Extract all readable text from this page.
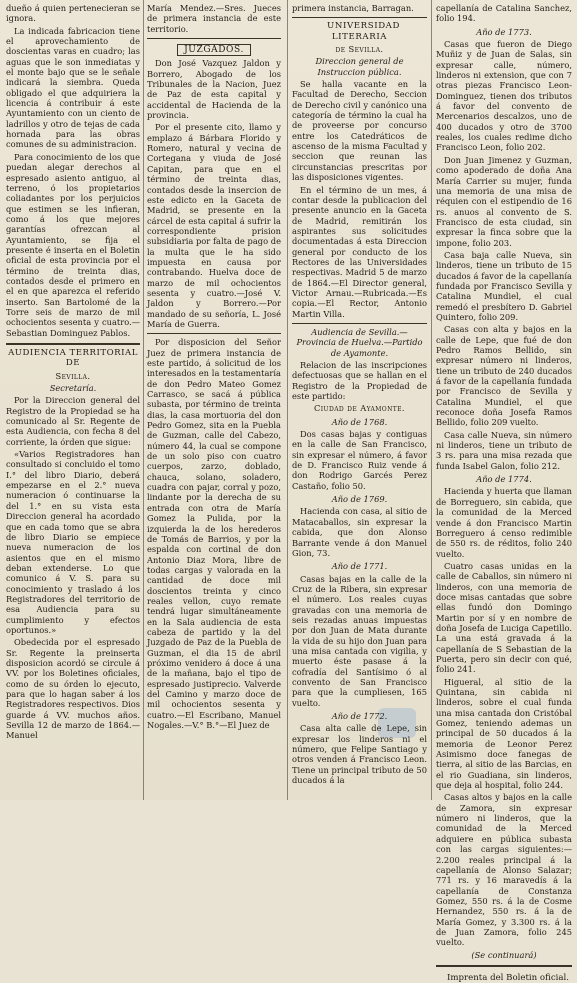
dueño á quien pertenecieran se ignora.

La indicada fabricacion tiene el aprovechamiento de doscientas varas en cuadro; las aguas que le son inmediatas y el monte bajo que se le señale indicará la siembra. Queda obligado el que adquiriera la licencia á contribuir á este Ayuntamiento con un ciento de ladrillos y otro de tejas de cada hornada para las obras comunes de su administracion.

Para conocimiento de los que puedan alegar derechos al espresado asiento antiguo, al terreno, ó los propietarios coliadantes por los perjuicios que estimen se les infieran, como á los que mejores garantías ofrezcan al Ayuntamiento, se fija el presente é inserta en el Boletin oficial de esta provincia por el término de treinta dias, contados desde el primero en el en que aparezca el referido inserto. San Bartolomé de la Torre seis de marzo de mil ochocientos sesenta y cuatro.—Sebastian Dominguez Pablos.

AUDIENCIA TERRITORIAL DE

Sevilla.

Secretaría.

Por la Direccion general del Registro de la Propiedad se ha comunicado al Sr. Regente de esta Audiencia, con fecha 8 del corriente, la órden que sigue:

«Varios Registradores han consultado si concluido el tomo I.° del libro Diario, deberá empezarse en el 2.° nueva numeracion ó continuarse la del 1.° en su vista esta Direccion general ha acordado que en cada tomo que se abra de libro Diario se empiece nueva numeracion de los asientos que en el mismo deban extenderse. Lo que comunico á V. S. para su conocimiento y traslado á los Registradores del territorio de esa Audiencia para su cumplimiento y efectos oportunos.»

Obedecida por el espresado Sr. Regente la preinserta disposicion acordó se circule á VV. por los Boletines oficiales, como de su órden lo ejecuto, para que lo hagan saber á los Registradores respectivos. Dios guarde á VV. muchos años. Sevilla 12 de marzo de 1864.—Manuel

María Mendez.—Sres. Jueces de primera instancia de este territorio.

JUZGADOS.

Don José Vazquez Jaldon y Borrero, Abogado de los Tribunales de la Nacion, Juez de Paz de esta capital y accidental de Hacienda de la provincia.

Por el presente cito, llamo y emplazo á Bárbara Florido y Romero, natural y vecina de Cortegana y viuda de José Capitan, para que en el término de treinta dias, contados desde la insercion de este edicto en la Gaceta de Madrid, se presente en la cárcel de esta capital á sufrir la correspondiente prision subsidiaria por falta de pago de la multa que le ha sido impuesta en causa por contrabando. Huelva doce de marzo de mil ochocientos sesenta y cuatro.—José V. Jaldon y Borrero.—Por mandado de su señoría, L. José María de Guerra.

Por disposicion del Señor Juez de primera instancia de este partido, á solicitud de los interesados en la testamentaría de don Pedro Mateo Gomez Carrasco, se sacá á pública subasta, por término de treinta dias, la casa mortuoria del don Pedro Gomez, sita en la Puebla de Guzman, calle del Cabezo, número 44, la cual se compone de un solo piso con cuatro cuerpos, zarzo, doblado, chauca, solano, soladero, cuadra con pajar, corral y pozo, lindante por la derecha de su entrada con otra de María Gomez la Pulida, por la izquierda la de los herederos de Tomás de Barrios, y por la espalda con cortinal de don Antonio Diaz Mora, libre de todas cargas y valorada en la cantidad de doce mil doscientos treinta y cinco reales vellon, cuyo remate tendrá lugar simultáneamente en la Sala audiencia de esta cabeza de partido y la del Juzgado de Paz de la Puebla de Guzman, el dia 15 de abril próximo venidero á doce á una de la mañana, bajo el tipo de espresado justiprecio. Valverde del Camino y marzo doce de mil ochocientos sesenta y cuatro.—El Escribano, Manuel Nogales.—V.° B.°—El Juez de

primera instancia, Barragan.

UNIVERSIDAD LITERARIA

de Sevilla.

Direccion general de Instruccion pública.

Se halla vacante en la Facultad de Derecho, Seccion de Derecho civil y canónico una categoría de término la cual ha de proveerse por concurso entre los Catedráticos de ascenso de la misma Facultad y seccion que reunan las circunstancias prescritas por las disposiciones vigentes.

En el término de un mes, á contar desde la publicacion del presente anuncio en la Gaceta de Madrid, remitirán los aspirantes sus solicitudes documentadas á esta Direccion general por conducto de los Rectores de las Universidades respectivas. Madrid 5 de marzo de 1864.—El Director general, Victor Arnau.—Rubricada.—Es copia.—El Rector, Antonio Martin Villa.

Audiencia de Sevilla.—Provincia de Huelva.—Partido de Ayamonte.

Relacion de las inscripciones defectuosas que se hallan en el Registro de la Propiedad de este partido:

Ciudad de Ayamonte.

Año de 1768.

Dos casas bajas y contiguas en la calle de San Francisco, sin expresar el número, á favor de D. Francisco Ruiz vende á don Rodrigo Garcés Perez Castaño, folio 50.

Año de 1769.

Hacienda con casa, al sitio de Matacaballos, sin expresar la cabida, que don Alonso Barrante vende á don Manuel Gion, 73.

Año de 1771.

Casas bajas en la calle de la Cruz de la Ribera, sin expresar el número. Los reales cuyas gravadas con una memoria de seis rezadas anuas impuestas por don Juan de Mata durante la vida de su hijo don Juan para una misa cantada con vigilia, y muerto éste pasase á la cofradía del Santísimo ó al convento de San Francisco para que la cumpliesen, 165 vuelto.

Año de 1772.

Casa alta calle de Lepe, sin expresar los linderos ni el número, que Felipe Santiago y otros venden á Francisco Leon. Tiene un principal tributo de 50 ducados á la

capellanía de Catalina Sanchez, folio 194.

Año de 1773.

Casas que fueron de Diego Muñiz y de Juan de Salas, sin expresar calle, número, linderos ni extension, que con 7 otras piezas Francisco Leon-Dominguez, tienen dos tributos á favor del convento de Mercenarios descalzos, uno de 400 ducados y otro de 3700 reales, los cuales redime dicho Francisco Leon, folio 202.

Don Juan Jimenez y Guzman, como apoderado de doña Ana María Carrier su mujer, funda una memoria de una misa de réquien con el estipendio de 16 rs. anuos al convento de S. Francisco de esta ciudad, sin expresar la finca sobre que la impone, folio 203.

Casa baja calle Nueva, sin linderos, tiene un tributo de 15 ducados á favor de la capellanía fundada por Francisco Sevilla y Catalina Mundiel, el cual remedó el presbítero D. Gabriel Quintero, folio 209.

Casas con alta y bajos en la calle de Lepe, que fué de don Pedro Ramos Bellido, sin expresar número ni linderos, tiene un tributo de 240 ducados á favor de la capellanía fundada por Francisco de Sevilla y Catalina Mundiel, el que reconoce doña Josefa Ramos Bellido, folio 209 vuelto.

Casa calle Nueva, sin número ni linderos, tiene un tributo de 3 rs. para una misa rezada que funda Isabel Galon, folio 212.

Año de 1774.

Hacienda y huerta que llaman de Borreguero, sin cabida, que la comunidad de la Merced vende á don Francisco Martin Borreguero á censo redimible de 550 rs. de réditos, folio 240 vuelto.

Cuatro casas unidas en la calle de Caballos, sin número ni linderos, con una memoria de doce misas cantadas que sobre ellas fundó don Domingo Martin por sí y en nombre de doña Josefa de Luciga Capetillo. La una está gravada á la capellanía de S Sebastian de la Puerta, pero sin decir con qué, folio 241.

Higueral, al sitio de la Quintana, sin cabida ni linderos, sobre el cual funda una misa cantada don Cristóbal Gomez, teniendo ademas un principal de 50 ducados á la memoria de Leonor Perez Asimismo doce fanegas de tierra, al sitio de las Barcias, en el rio Guadiana, sin linderos, que deja al hospital, folio 244.

Casas altos y bajos en la calle de Zamora, sin expresar número ni linderos, que la comunidad de la Merced adquiere en pública subasta con las cargas siguientes:—2.200 reales principal á la capellanía de Alonso Salazar; 771 rs. y 16 maravedís á la capellanía de Constanza Gomez, 550 rs. á la de Cosme Hernandez, 550 rs. á la de María Gomez, y 3.300 rs. á la de Juan Zamora, folio 245 vuelto.

(Se continuará)

Imprenta del Boletin oficial.
